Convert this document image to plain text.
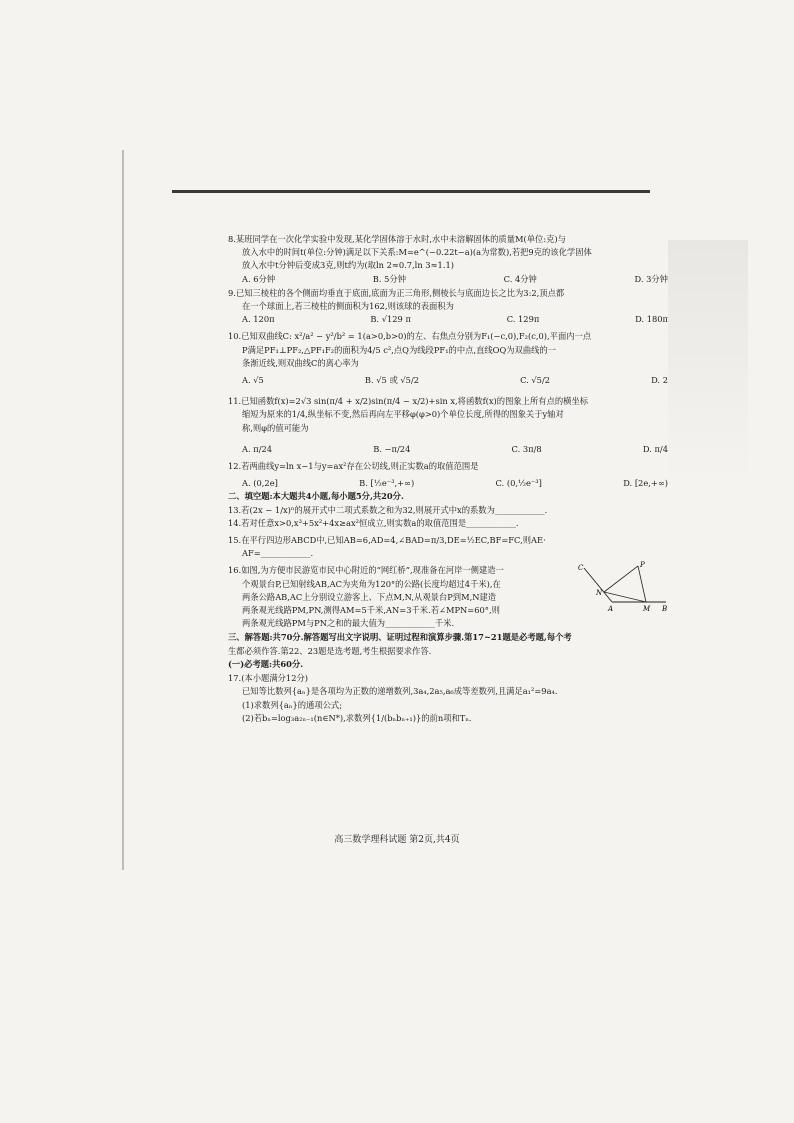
8.某班同学在一次化学实验中发现,某化学固体溶于水时,水中未溶解固体的质量M(单位:克)与

放入水中的时间t(单位:分钟)满足以下关系:M=e^(−0.22t−a)(a为常数),若把9克的该化学固体

放入水中t分钟后变成3克,则t约为(取ln 2≈0.7,ln 3≈1.1)

A. 6分钟	B. 5分钟	C. 4分钟	D. 3分钟

9.已知三棱柱的各个侧面均垂直于底面,底面为正三角形,侧棱长与底面边长之比为3:2,顶点都

在一个球面上,若三棱柱的侧面积为162,则该球的表面积为

A. 120π	B. √129 π	C. 129π	D. 180π

10.已知双曲线C: x²/a² − y²/b² = 1(a>0,b>0)的左、右焦点分别为F₁(−c,0),F₂(c,0),平面内一点

P满足PF₁⊥PF₂,△PF₁F₂的面积为4/5 c²,点Q为线段PF₁的中点,直线OQ为双曲线的一

条渐近线,则双曲线C的离心率为

A. √5	B. √5 或 √5/2	C. √5/2	D. 2

11.已知函数f(x)=2√3 sin(π/4 + x/2)sin(π/4 − x/2)+sin x,将函数f(x)的图象上所有点的横坐标

缩短为原来的1/4,纵坐标不变,然后再向左平移φ(φ>0)个单位长度,所得的图象关于y轴对

称,则φ的值可能为

A. π/24	B. −π/24	C. 3π/8	D. π/4

12.若两曲线y=ln x−1与y=ax²存在公切线,则正实数a的取值范围是

A. (0,2e]	B. [½e⁻³,+∞)	C. (0,½e⁻³]	D. [2e,+∞)

二、填空题:本大题共4小题,每小题5分,共20分.

13.若(2x − 1/x)ⁿ的展开式中二项式系数之和为32,则展开式中x的系数为____________.

14.若对任意x>0,x³+5x²+4x≥ax²恒成立,则实数a的取值范围是____________.

15.在平行四边形ABCD中,已知AB=6,AD=4,∠BAD=π/3,DE=½EC,BF=FC,则AE·

AF=____________.

16.如图,为方便市民游览市民中心附近的“网红桥”,现准备在河岸一侧建造一

个观景台P,已知射线AB,AC为夹角为120°的公路(长度均超过4千米),在

两条公路AB,AC上分别设立游客上、下点M,N,从观景台P到M,N建造

两条观光线路PM,PN,测得AM=5千米,AN=3千米.若∠MPN=60°,则

两条观光线路PM与PN之和的最大值为____________千米.

C	P
N
A	M B

三、解答题:共70分.解答题写出文字说明、证明过程和演算步骤.第17~21题是必考题,每个考

生都必须作答.第22、23题是选考题,考生根据要求作答.

(一)必考题:共60分.

17.(本小题满分12分)

已知等比数列{aₙ}是各项均为正数的递增数列,3a₄,2a₅,a₆成等差数列,且满足a₁²=9a₄.

(1)求数列{aₙ}的通项公式;

(2)若bₙ=log₃a₂ₙ₋₁(n∈N*),求数列{1/(bₙbₙ₊₁)}的前n项和Tₙ.

高三数学理科试题 第2页,共4页
